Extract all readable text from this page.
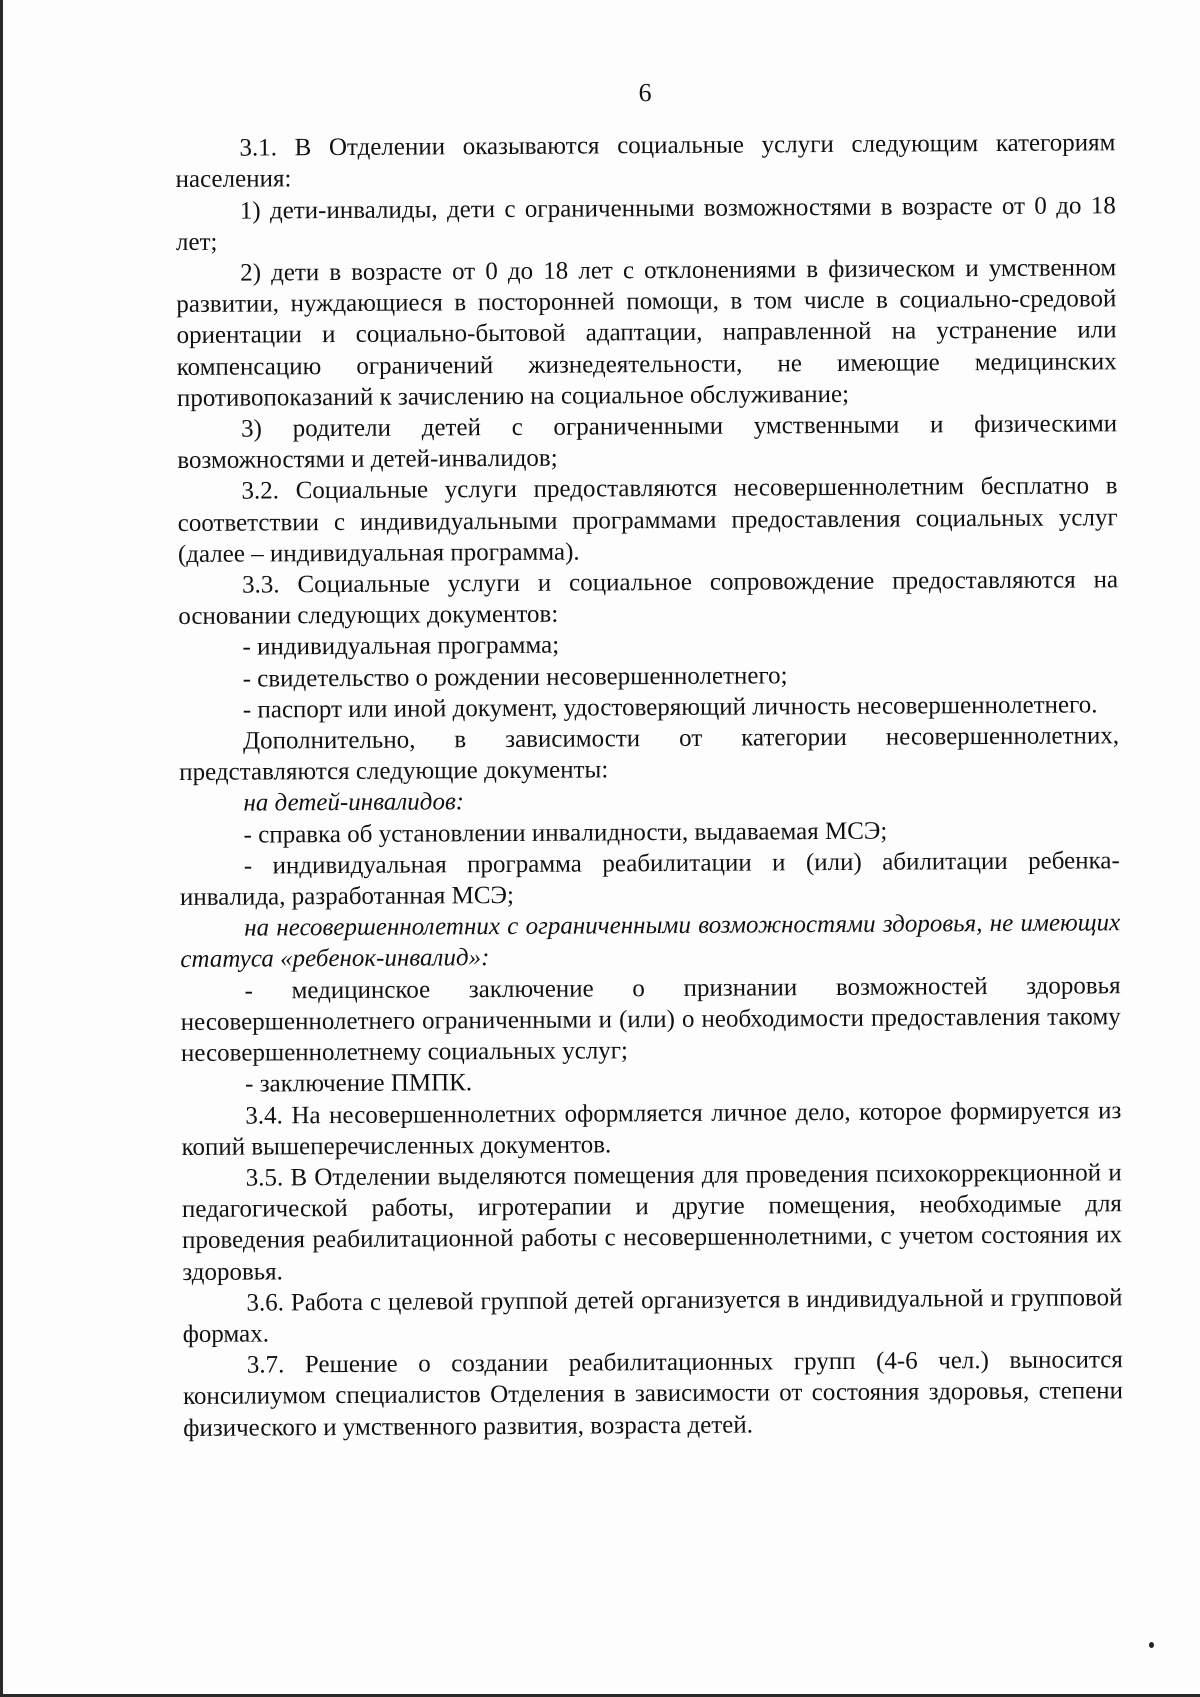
6

3.1. В Отделении оказываются социальные услуги следующим категориям населения:

1) дети-инвалиды, дети с ограниченными возможностями в возрасте от 0 до 18 лет;

2) дети в возрасте от 0 до 18 лет с отклонениями в физическом и умственном развитии, нуждающиеся в посторонней помощи, в том числе в социально-средовой ориентации и социально-бытовой адаптации, направленной на устранение или компенсацию ограничений жизнедеятельности, не имеющие медицинских противопоказаний к зачислению на социальное обслуживание;

3) родители детей с ограниченными умственными и физическими возможностями и детей-инвалидов;

3.2. Социальные услуги предоставляются несовершеннолетним бесплатно в соответствии с индивидуальными программами предоставления социальных услуг (далее – индивидуальная программа).

3.3. Социальные услуги и социальное сопровождение предоставляются на основании следующих документов:

- индивидуальная программа;

- свидетельство о рождении несовершеннолетнего;

- паспорт или иной документ, удостоверяющий личность несовершеннолетнего.

Дополнительно, в зависимости от категории несовершеннолетних, представляются следующие документы:

на детей-инвалидов:

- справка об установлении инвалидности, выдаваемая МСЭ;

- индивидуальная программа реабилитации и (или) абилитации ребенка-инвалида, разработанная МСЭ;

на несовершеннолетних с ограниченными возможностями здоровья, не имеющих статуса «ребенок-инвалид»:

- медицинское заключение о признании возможностей здоровья несовершеннолетнего ограниченными и (или) о необходимости предоставления такому несовершеннолетнему социальных услуг;

- заключение ПМПК.

3.4. На несовершеннолетних оформляется личное дело, которое формируется из копий вышеперечисленных документов.

3.5. В Отделении выделяются помещения для проведения психокоррекционной и педагогической работы, игротерапии и другие помещения, необходимые для проведения реабилитационной работы с несовершеннолетними, с учетом состояния их здоровья.

3.6. Работа с целевой группой детей организуется в индивидуальной и групповой формах.

3.7. Решение о создании реабилитационных групп (4-6 чел.) выносится консилиумом специалистов Отделения в зависимости от состояния здоровья, степени физического и умственного развития, возраста детей.
